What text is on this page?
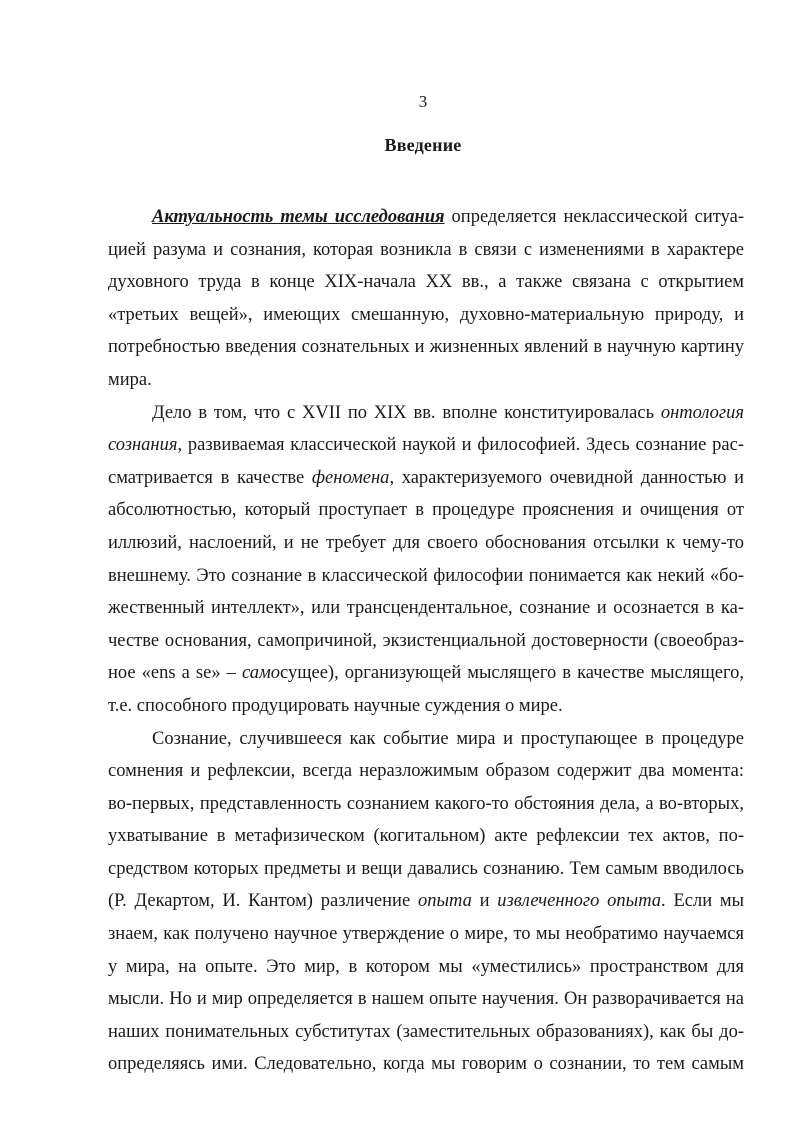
3
Введение
Актуальность темы исследования определяется неклассической ситуа-
цией разума и сознания, которая возникла в связи с изменениями в характере
духовного труда в конце XIX-начала XX вв., а также связана с открытием
«третьих вещей», имеющих смешанную, духовно-материальную природу, и
потребностью введения сознательных и жизненных явлений в научную картину
мира.
Дело в том, что с XVII по XIX вв. вполне конституировалась онтология
сознания, развиваемая классической наукой и философией. Здесь сознание рас-
сматривается в качестве феномена, характеризуемого очевидной данностью и
абсолютностью, который проступает в процедуре прояснения и очищения от
иллюзий, наслоений, и не требует для своего обоснования отсылки к чему-то
внешнему. Это сознание в классической философии понимается как некий «бо-
жественный интеллект», или трансцендентальное, сознание и осознается в ка-
честве основания, самопричиной, экзистенциальной достоверности (своеобраз-
ное «ens a se» – самосущее), организующей мыслящего в качестве мыслящего,
т.е. способного продуцировать научные суждения о мире.
Сознание, случившееся как событие мира и проступающее в процедуре
сомнения и рефлексии, всегда неразложимым образом содержит два момента:
во-первых, представленность сознанием какого-то обстояния дела, а во-вторых,
ухватывание в метафизическом (когитальном) акте рефлексии тех актов, по-
средством которых предметы и вещи давались сознанию. Тем самым вводилось
(Р. Декартом, И. Кантом) различение опыта и извлеченного опыта. Если мы
знаем, как получено научное утверждение о мире, то мы необратимо научаемся
у мира, на опыте. Это мир, в котором мы «уместились» пространством для
мысли. Но и мир определяется в нашем опыте научения. Он разворачивается на
наших понимательных субститутах (заместительных образованиях), как бы до-
определяясь ими. Следовательно, когда мы говорим о сознании, то тем самым
